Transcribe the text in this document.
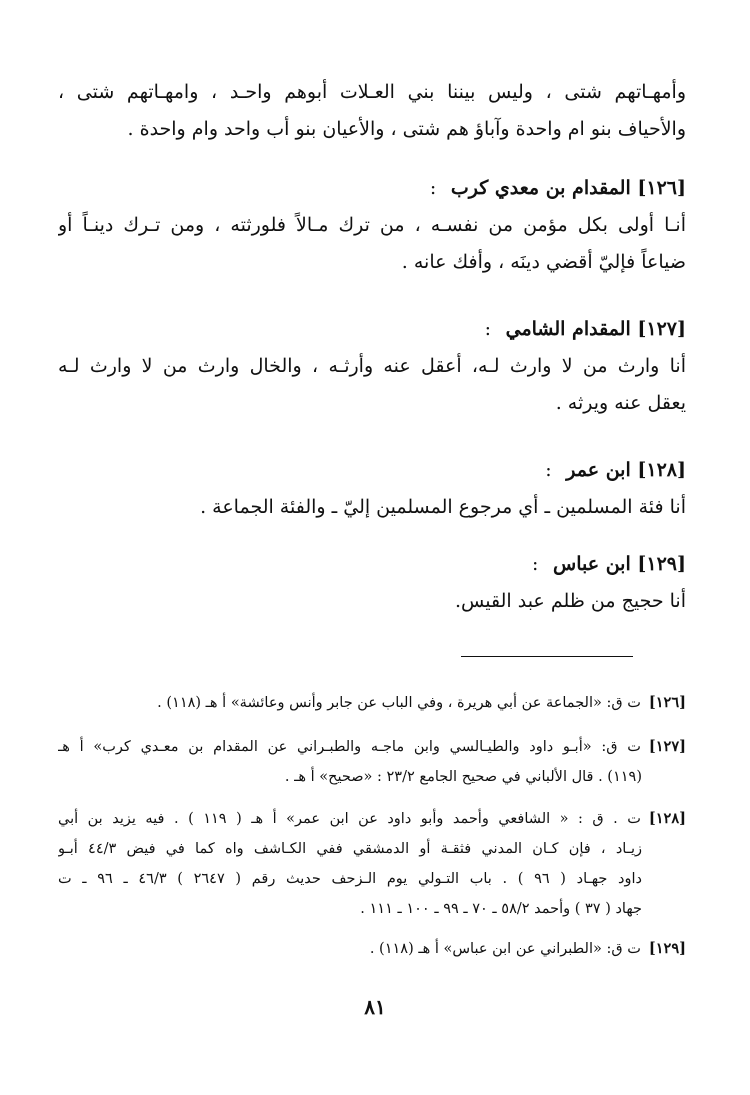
وأمهـاتهم شتى ، وليس بيننا بني العـلات أبوهم واحـد ، وامهـاتهم شتى ،
والأحياف بنو ام واحدة وآباؤ هم شتى ، والأعيان بنو أب واحد وام واحدة .
[١٢٦] المقدام بن معدي كرب :
أنـا أولى بكل مؤمن من نفسـه ، من ترك مـالاً فلورثته ، ومن تـرك دينـاً أو
ضياعاً فإليّ أقضي دينَه ، وأفك عانه .
[١٢٧] المقدام الشامي :
أنا وارث من لا وارث لـه، أعقل عنه وأرثـه ، والخال وارث من لا وارث لـه
يعقل عنه ويرثه .
[١٢٨] ابن عمر :
أنا فئة المسلمين ـ أي مرجوع المسلمين إليّ ـ والفئة الجماعة .
[١٢٩] ابن عباس :
أنا حجيج من ظلم عبد القيس.
[١٢٦]ت ق: «الجماعة عن أبي هريرة ، وفي الباب عن جابر وأنس وعائشة» أ هـ (١١٨) .
[١٢٧]ت ق: «أبـو داود والطيـالسي وابن ماجـه والطبـراني عن المقدام بن معـدي كرب» أ هـ
(١١٩) . قال الألباني في صحيح الجامع ٢٣/٢ : «صحيح» أ هـ .
[١٢٨]ت . ق : « الشافعي وأحمد وأبو داود عن ابن عمر» أ هـ ( ١١٩ ) . فيه يزيد بن أبي
زيـاد ، فإن كـان المدني فثقـة أو الدمشقي ففي الكـاشف واه كما في فيض ٤٤/٣ أبـو
داود جهـاد ( ٩٦ ) . باب التـولي يوم الـزحف حديث رقم ( ٢٦٤٧ ) ٤٦/٣ ـ ٩٦ ـ ت
جهاد ( ٣٧ ) وأحمد ٥٨/٢ ـ ٧٠ ـ ٩٩ ـ ١٠٠ ـ ١١١ .
[١٢٩]ت ق: «الطبراني عن ابن عباس» أ هـ (١١٨) .
٨١
